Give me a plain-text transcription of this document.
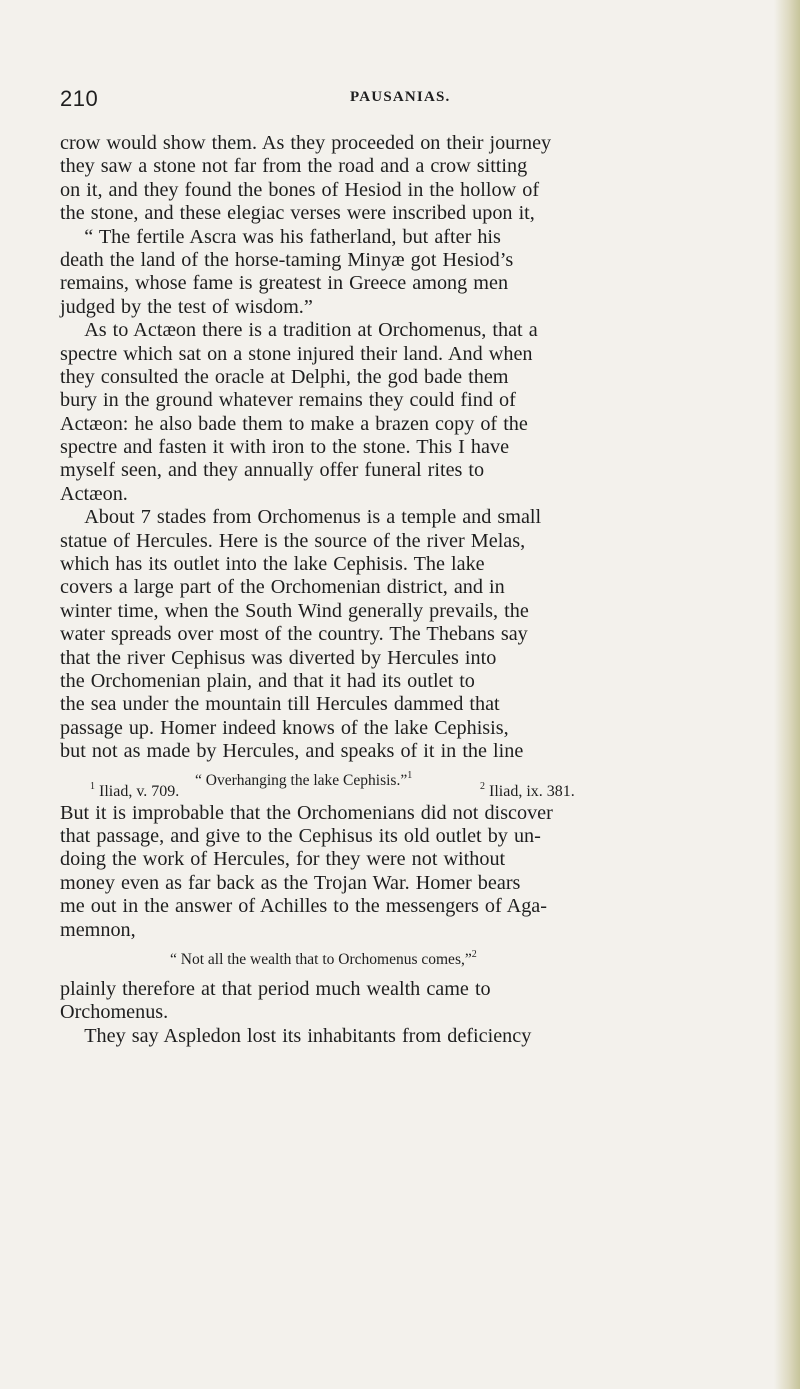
210	PAUSANIAS.
crow would show them. As they proceeded on their journey
they saw a stone not far from the road and a crow sitting
on it, and they found the bones of Hesiod in the hollow of
the stone, and these elegiac verses were inscribed upon it,
“ The fertile Ascra was his fatherland, but after his
death the land of the horse-taming Minyæ got Hesiod’s
remains, whose fame is greatest in Greece among men
judged by the test of wisdom.”
As to Actæon there is a tradition at Orchomenus, that a
spectre which sat on a stone injured their land. And when
they consulted the oracle at Delphi, the god bade them
bury in the ground whatever remains they could find of
Actæon: he also bade them to make a brazen copy of the
spectre and fasten it with iron to the stone. This I have
myself seen, and they annually offer funeral rites to
Actæon.
About 7 stades from Orchomenus is a temple and small
statue of Hercules. Here is the source of the river Melas,
which has its outlet into the lake Cephisis. The lake
covers a large part of the Orchomenian district, and in
winter time, when the South Wind generally prevails, the
water spreads over most of the country. The Thebans say
that the river Cephisus was diverted by Hercules into
the Orchomenian plain, and that it had its outlet to
the sea under the mountain till Hercules dammed that
passage up. Homer indeed knows of the lake Cephisis,
but not as made by Hercules, and speaks of it in the line
“ Overhanging the lake Cephisis.”$^1$
But it is improbable that the Orchomenians did not discover
that passage, and give to the Cephisus its old outlet by un-
doing the work of Hercules, for they were not without
money even as far back as the Trojan War. Homer bears
me out in the answer of Achilles to the messengers of Aga-
memnon,
“ Not all the wealth that to Orchomenus comes,”$^2$
plainly therefore at that period much wealth came to
Orchomenus.
They say Aspledon lost its inhabitants from deficiency
$^1$ Iliad, v. 709.	$^2$ Iliad, ix. 381.
